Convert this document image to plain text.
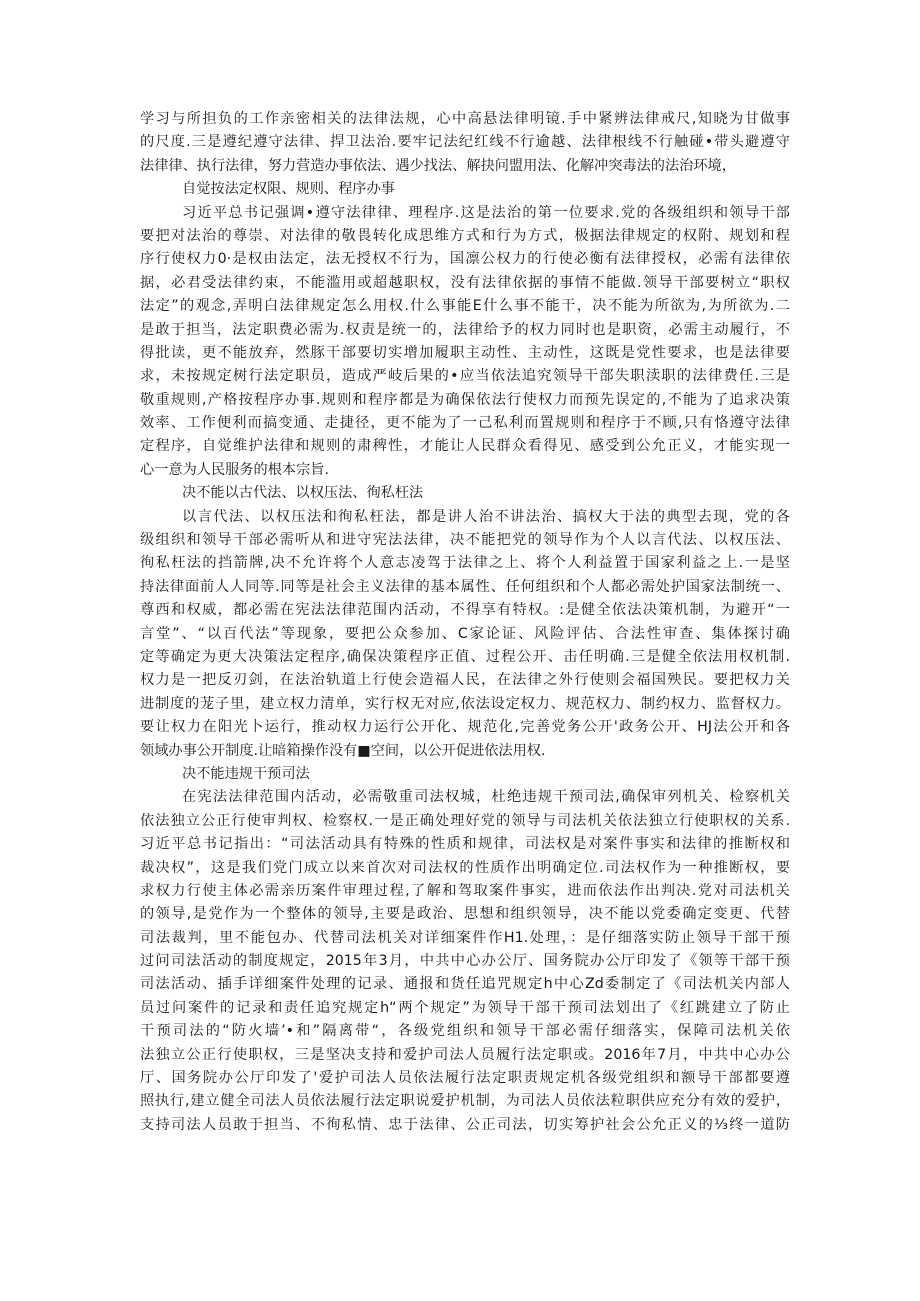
学习与所担负的工作亲密相关的法律法规，心中高悬法律明镜.手中紧辨法律戒尺,知晓为甘做事
的尺度.三是遵纪遵守法律、捍卫法治.要牢记法纪红线不行逾越、法律根线不行触碰•带头避遵守
法律律、执行法律，努力营造办事依法、遇少找法、解抉问盟用法、化解冲突毒法的法治环境，
自觉按法定权限、规则、程序办事
习近平总书记强调•遵守法律律、理程序.这是法治的第一位要求.党的各级组织和领导干部
要把对法治的尊崇、对法律的敬畏转化成思维方式和行为方式，极据法律规定的权附、规划和程
序行使权力0·是权由法定，法无授权不行为，国凛公权力的行使必衡有法律授权，必需有法律依
据，必君受法律约束，不能滥用或超越职权，没有法律依据的事情不能做.领导干部要树立“职权
法定”的观念,弄明白法律规定怎么用权.什么事能E什么事不能干，决不能为所欲为,为所欲为.二
是敢于担当，法定职费必需为.权责是统一的，法律给予的权力同时也是职资，必需主动履行，不
得批读，更不能放弃，然豚干部要切实增加履职主动性、主动性，这既是党性要求，也是法律要
求，未按规定树行法定职员，造成严岐后果的•应当依法追究领导干部失职渎职的法律费任.三是
敬重规则,产格按程序办事.规则和程序都是为确保依法行使权力而预先误定的,不能为了追求决策
效率、工作便利而搞变通、走捷径，更不能为了一己私利而置规则和程序于不顾,只有恪遵守法律
定程序，自觉维护法律和规则的肃稗性，才能让人民群众看得见、感受到公允正义，才能实现一
心一意为人民服务的根本宗旨.
决不能以古代法、以权压法、徇私枉法
以言代法、以权压法和徇私枉法，都是讲人治不讲法治、搞权大于法的典型去现，党的各
级组织和领导干部必需听从和进守宪法法律，决不能把党的领导作为个人以言代法、以权压法、
徇私枉法的挡箭牌,决不允许将个人意志凌驾于法律之上、将个人利益置于国家利益之上.一是坚
持法律面前人人同等.同等是社会主义法律的基本属性、任何组织和个人都必需处护国家法制统一、
尊西和权威，都必需在宪法法律范围内活动，不得享有特权。:是健全依法决策机制，为避开“一
言堂”、“以百代法”等现象，要把公众参加、C家论证、风险评估、合法性审查、集体探讨确
定等确定为更大决策法定程序,确保决策程序正值、过程公开、击任明确.三是健全依法用权机制.
权力是一把反刃剑，在法治轨道上行使会造福人民，在法律之外行使则会福国殃民。要把权力关
进制度的茏子里，建立权力清单，实行权无对应,依法设定权力、规范权力、制约权力、监督权力。
要让权力在阳光卜运行，推动权力运行公开化、规范化,完善党务公开'政务公开、HJ法公开和各
领域办事公开制度.让暗箱操作没有■空间，以公开促进依法用权.
决不能违规干预司法
在宪法法律范围内活动，必需敬重司法权城，杜绝违规干预司法,确保审列机关、检察机关
依法独立公正行使审判权、检察权.一是正确处理好党的领导与司法机关依法独立行使职权的关系.
习近平总书记指出：“司法活动具有特殊的性质和规律，司法权是对案件事实和法律的推断权和
裁决权”，这是我们党门成立以来首次对司法权的性质作出明确定位.司法权作为一种推断权，要
求权力行使主体必需亲历案件审理过程,了解和驾取案件事实，进而依法作出判决.党对司法机关
的领导,是党作为一个整体的领导,主要是政治、思想和组织领导，决不能以党委确定变更、代替
司法裁判，里不能包办、代替司法机关对详细案件作H1.处理，：是仔细落实防止领导干部干预
过问司法活动的制度规定，2015年3月，中共中心办公厅、国务院办公厅印发了《领等干部干预
司法活动、插手详细案件处理的记录、通报和货任追咒规定h中心Zd委制定了《司法机关内部人
员过问案件的记录和责任追究规定h“两个规定”为领导干部干预司法划出了《红跳建立了防止
干预司法的“防火墙’•和”隔离带“，各级党组织和领导干部必需仔细落实，保障司法机关依
法独立公正行使职权，三是坚决支持和爱护司法人员履行法定职或。2016年7月，中共中心办公
厅、国务院办公厅印发了'爱护司法人员依法履行法定职责规定机各级党组织和额导干部都要遵
照执行,建立健全司法人员依法履行法定职说爱护机制，为司法人员依法粒职供应充分有效的爱护，
支持司法人员敢于担当、不徇私情、忠于法律、公正司法，切实筹护社会公允正义的⅓终一道防
